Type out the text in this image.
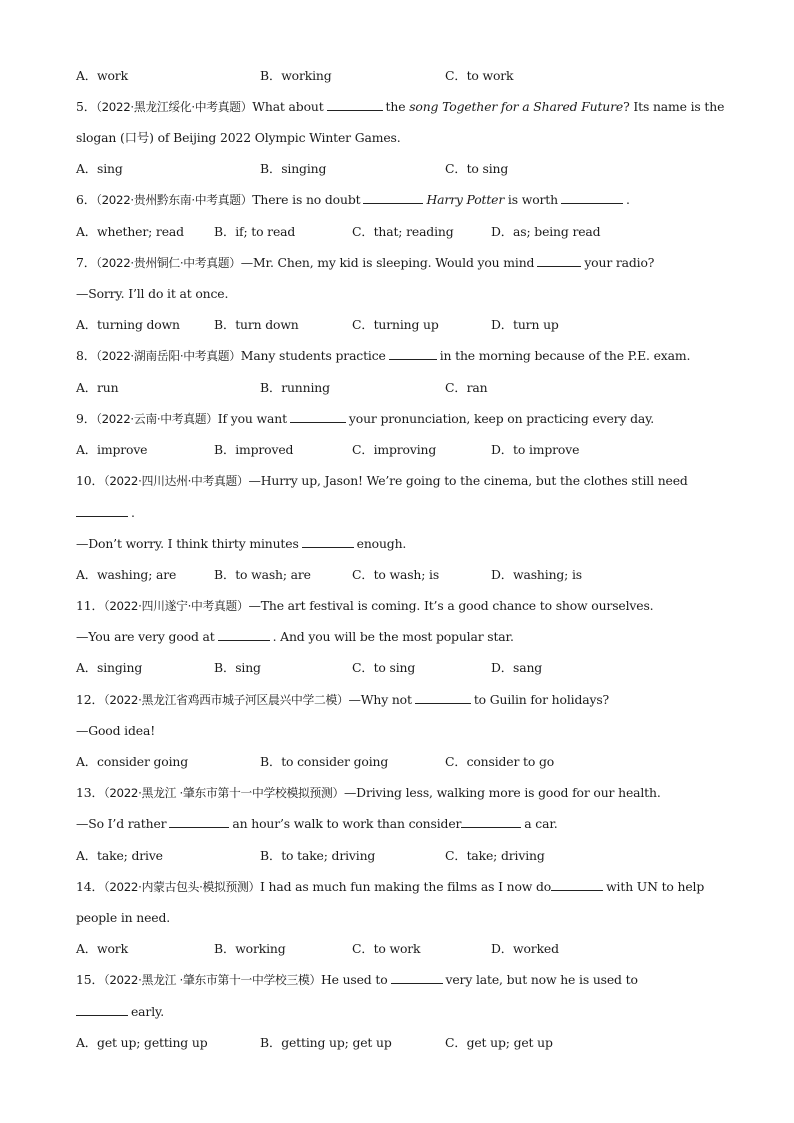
A．work	B．working	C．to work
5．（2022·黑龙江绥化·中考真题）What about	the song Together for a Shared Future? Its name is the
slogan (口号) of Beijing 2022 Olympic Winter Games.
A．sing	B．singing	C．to sing
6．（2022·贵州黔东南·中考真题）There is no doubt	Harry Potter is worth	.
A．whether; read B．if; to read	C．that; reading	D．as; being read
7．（2022·贵州铜仁·中考真题）—Mr. Chen, my kid is sleeping. Would you mind	your radio?
—Sorry. I’ll do it at once.
A．turning down	B．turn down	C．turning up	D．turn up
8．（2022·湖南岳阳·中考真题）Many students practice	in the morning because of the P.E. exam.
A．run	B．running	C．ran
9．（2022·云南·中考真题）If you want	your pronunciation, keep on practicing every day.
A．improve	B．improved	C．improving	D．to improve
10．（2022·四川达州·中考真题）—Hurry up, Jason! We’re going to the cinema, but the clothes still need
.
—Don’t worry. I think thirty minutes	enough.
A．washing; are	B．to wash; are	C．to wash; is	D．washing; is
11．（2022·四川遂宁·中考真题）—The art festival is coming. It’s a good chance to show ourselves.
—You are very good at	. And you will be the most popular star.
A．singing	B．sing	C．to sing	D．sang
12．（2022·黑龙江省鸡西市城子河区晨兴中学二模）—Why not	to Guilin for holidays?
—Good idea!
A．consider going	B．to consider going	C．consider to go
13．（2022·黑龙江 ·肇东市第十一中学校模拟预测）—Driving less, walking more is good for our health.
—So I’d rather	an hour’s walk to work than consider	a car.
A．take; drive	B．to take; driving	C．take; driving
14．（2022·内蒙古包头·模拟预测）I had as much fun making the films as I now do	with UN to help
people in need.
A．work	B．working	C．to work	D．worked
15．（2022·黑龙江 ·肇东市第十一中学校三模）He used to	very late, but now he is used to
early.
A．get up; getting up	B．getting up; get up	C．get up; get up
